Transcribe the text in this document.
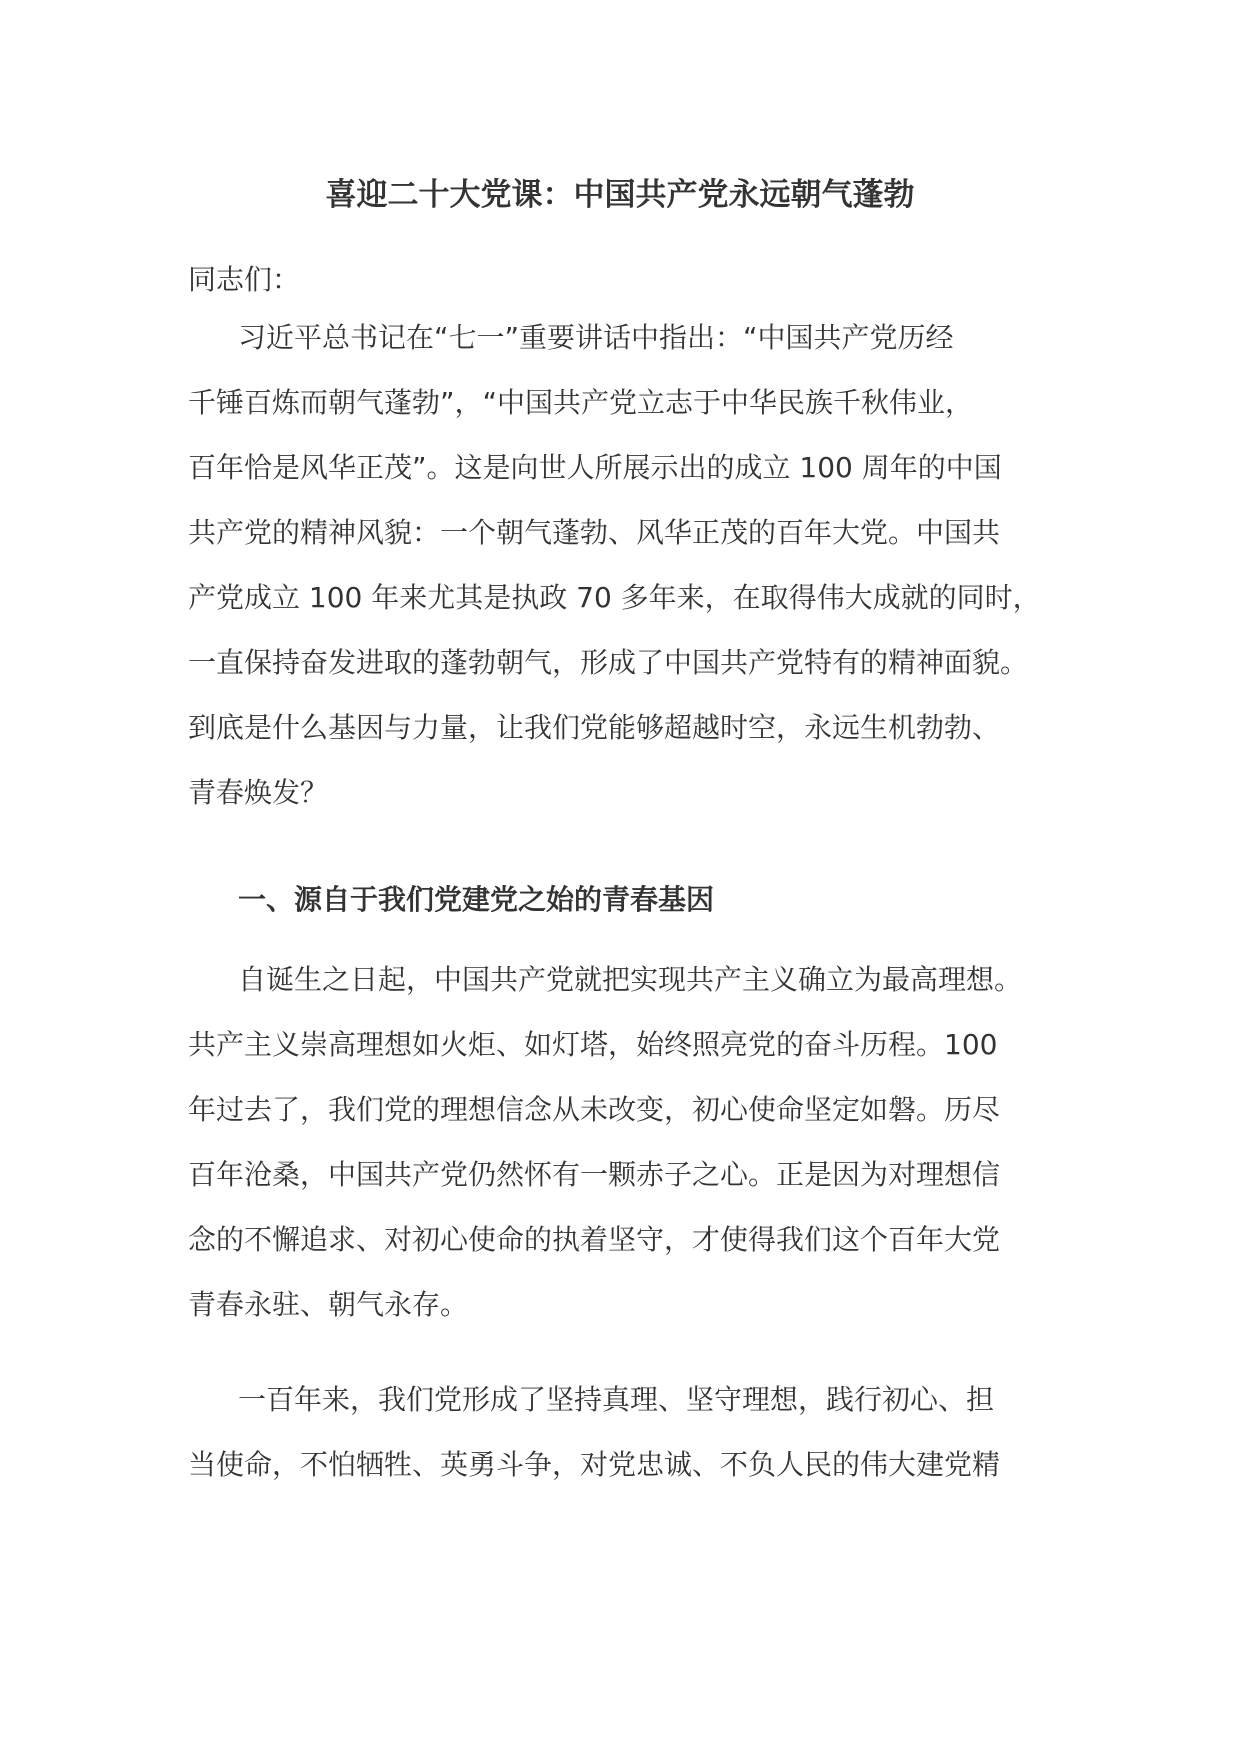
喜迎二十大党课：中国共产党永远朝气蓬勃

同志们：

习近平总书记在“七一”重要讲话中指出：“中国共产党历经
千锤百炼而朝气蓬勃”，“中国共产党立志于中华民族千秋伟业，
百年恰是风华正茂”。这是向世人所展示出的成立 100 周年的中国
共产党的精神风貌：一个朝气蓬勃、风华正茂的百年大党。中国共
产党成立 100 年来尤其是执政 70 多年来，在取得伟大成就的同时，
一直保持奋发进取的蓬勃朝气，形成了中国共产党特有的精神面貌。
到底是什么基因与力量，让我们党能够超越时空，永远生机勃勃、
青春焕发？
一、源自于我们党建党之始的青春基因
自诞生之日起，中国共产党就把实现共产主义确立为最高理想。
共产主义崇高理想如火炬、如灯塔，始终照亮党的奋斗历程。100
年过去了，我们党的理想信念从未改变，初心使命坚定如磐。历尽
百年沧桑，中国共产党仍然怀有一颗赤子之心。正是因为对理想信
念的不懈追求、对初心使命的执着坚守，才使得我们这个百年大党
青春永驻、朝气永存。
一百年来，我们党形成了坚持真理、坚守理想，践行初心、担
当使命，不怕牺牲、英勇斗争，对党忠诚、不负人民的伟大建党精
